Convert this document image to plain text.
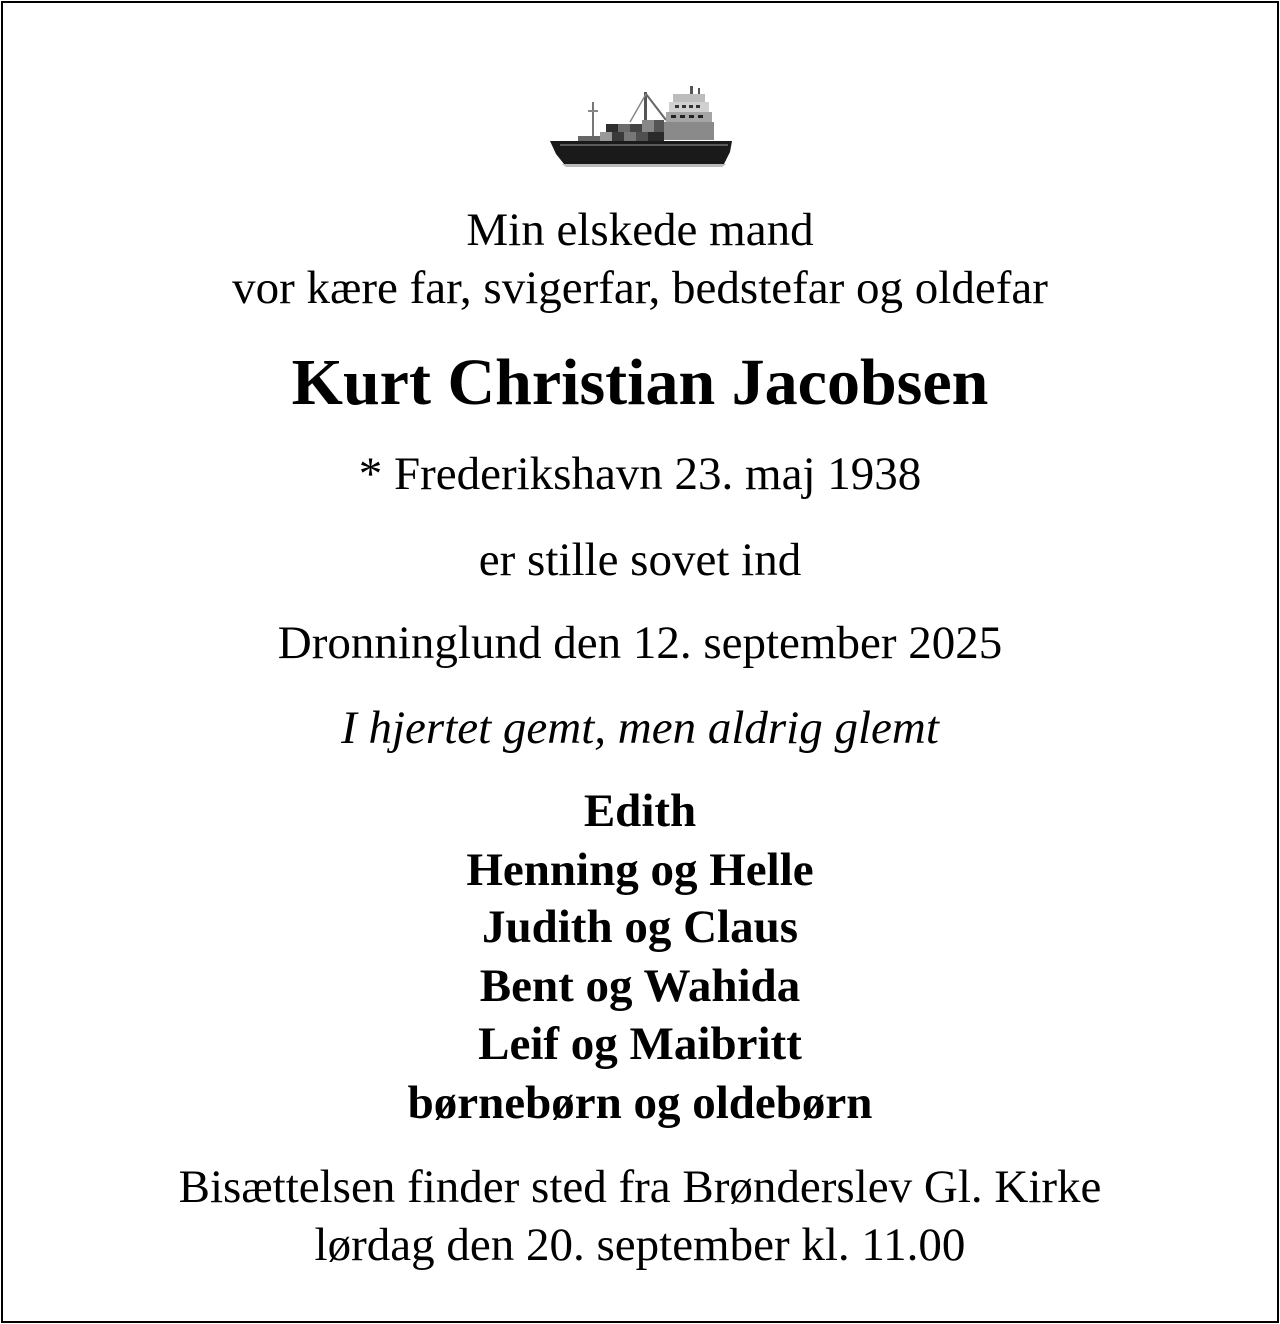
Min elskede mand
vor kære far, svigerfar, bedstefar og oldefar
Kurt Christian Jacobsen
* Frederikshavn 23. maj 1938
er stille sovet ind
Dronninglund den 12. september 2025
I hjertet gemt, men aldrig glemt
Edith
Henning og Helle
Judith og Claus
Bent og Wahida
Leif og Maibritt
børnebørn og oldebørn
Bisættelsen finder sted fra Brønderslev Gl. Kirke
lørdag den 20. september kl. 11.00
